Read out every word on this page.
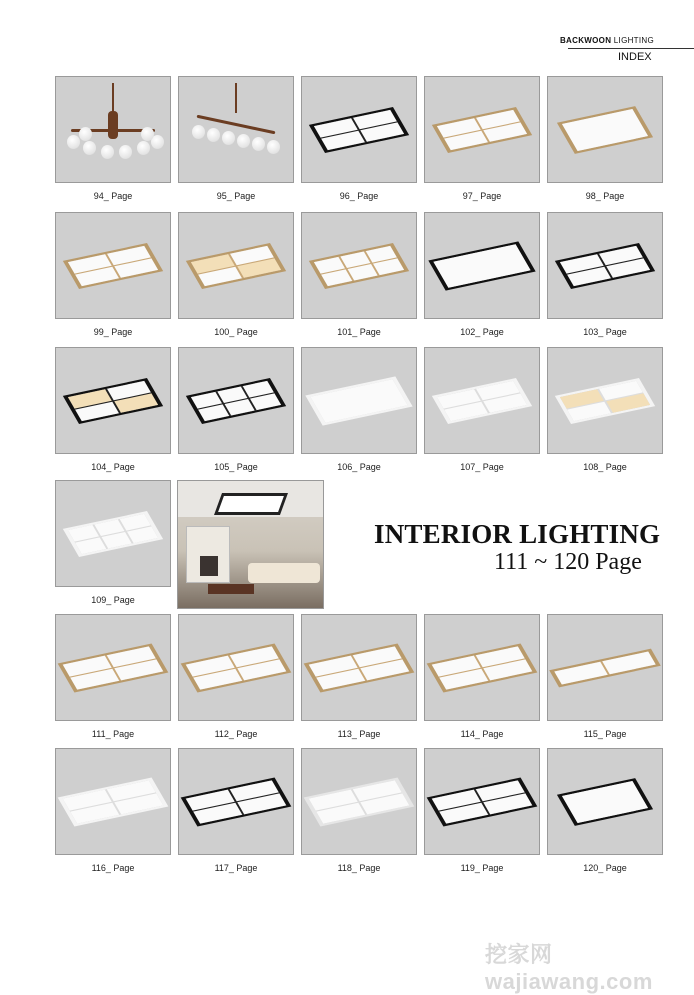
BACKWOON LIGHTING
INDEX
94_ Page	95_ Page	96_ Page	97_ Page	98_ Page
99_ Page	100_ Page	101_ Page	102_ Page	103_ Page
104_ Page	105_ Page	106_ Page	107_ Page	108_ Page
109_ Page
111_ Page	112_ Page	113_ Page	114_ Page	115_ Page
116_ Page	117_ Page	118_ Page	119_ Page	120_ Page
INTERIOR LIGHTING
111 ~ 120 Page
挖家网 wajiawang.com
